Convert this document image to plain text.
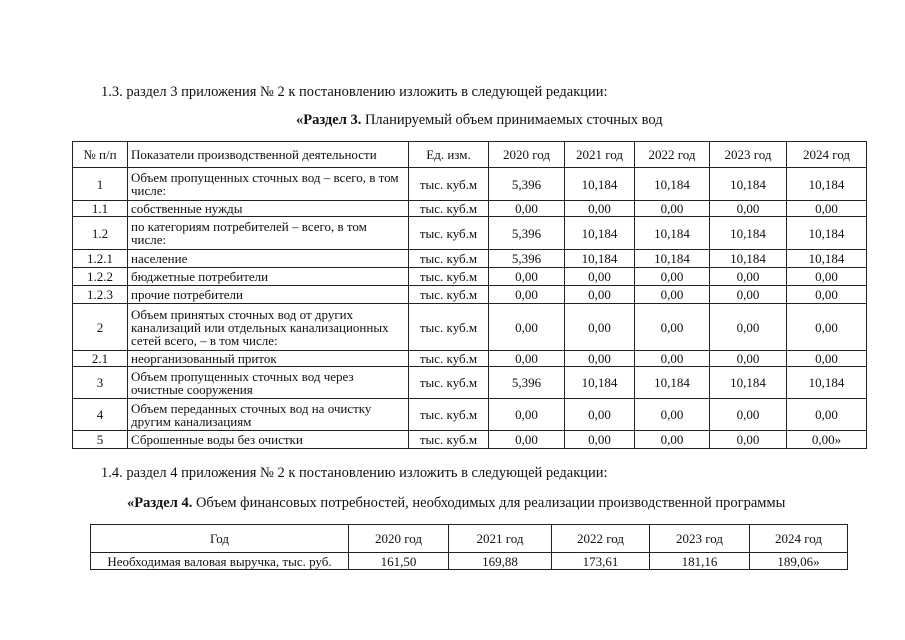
1.3. раздел 3 приложения № 2 к постановлению изложить в следующей редакции:
«Раздел 3. Планируемый объем принимаемых сточных вод
№ п/п	Показатели производственной деятельности	Ед. изм.	2020 год	2021 год	2022 год	2023 год	2024 год
1	Объем пропущенных сточных вод – всего, в том числе:	тыс. куб.м	5,396	10,184	10,184	10,184	10,184
1.1	собственные нужды	тыс. куб.м	0,00	0,00	0,00	0,00	0,00
1.2	по категориям потребителей – всего, в том числе:	тыс. куб.м	5,396	10,184	10,184	10,184	10,184
1.2.1	население	тыс. куб.м	5,396	10,184	10,184	10,184	10,184
1.2.2	бюджетные потребители	тыс. куб.м	0,00	0,00	0,00	0,00	0,00
1.2.3	прочие потребители	тыс. куб.м	0,00	0,00	0,00	0,00	0,00
2	Объем принятых сточных вод от других канализаций или отдельных канализационных сетей всего, – в том числе:	тыс. куб.м	0,00	0,00	0,00	0,00	0,00
2.1	неорганизованный приток	тыс. куб.м	0,00	0,00	0,00	0,00	0,00
3	Объем пропущенных сточных вод через очистные сооружения	тыс. куб.м	5,396	10,184	10,184	10,184	10,184
4	Объем переданных сточных вод на очистку другим канализациям	тыс. куб.м	0,00	0,00	0,00	0,00	0,00
5	Сброшенные воды без очистки	тыс. куб.м	0,00	0,00	0,00	0,00	0,00»
1.4. раздел 4 приложения № 2 к постановлению изложить в следующей редакции:
«Раздел 4. Объем финансовых потребностей, необходимых для реализации производственной программы
Год	2020 год	2021 год	2022 год	2023 год	2024 год
Необходимая валовая выручка, тыс. руб.	161,50	169,88	173,61	181,16	189,06»
